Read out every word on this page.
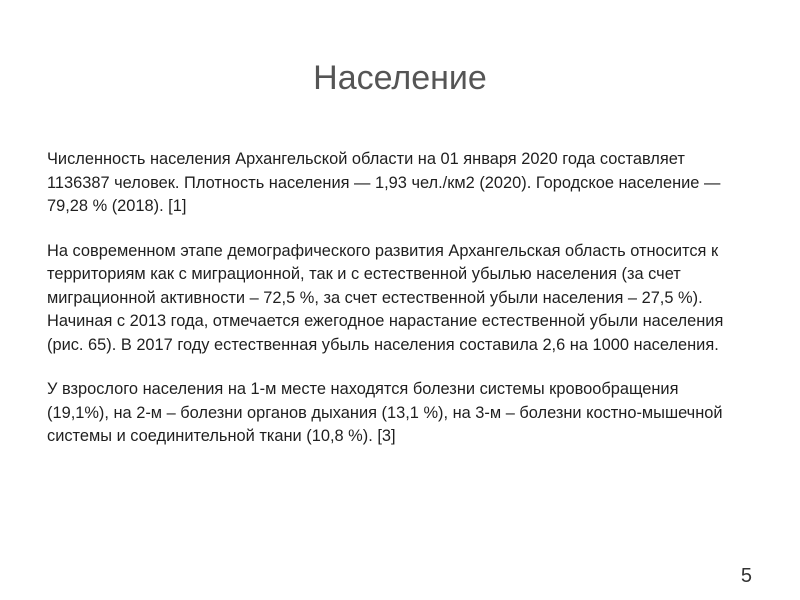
Население

Численность населения Архангельской области на 01 января 2020 года составляет 1136387 человек. Плотность населения — 1,93 чел./км2 (2020). Городское население — 79,28 % (2018). [1]

На современном этапе демографического развития Архангельская область относится к территориям как с миграционной, так и с естественной убылью населения (за счет миграционной активности – 72,5 %, за счет естественной убыли населения – 27,5 %). Начиная с 2013 года, отмечается ежегодное нарастание естественной убыли населения (рис. 65). В 2017 году естественная убыль населения составила 2,6 на 1000 населения.

У взрослого населения на 1-м месте находятся болезни системы кровообращения (19,1%), на 2-м – болезни органов дыхания (13,1 %), на 3-м – болезни костно-мышечной системы и соединительной ткани (10,8 %). [3]

5
